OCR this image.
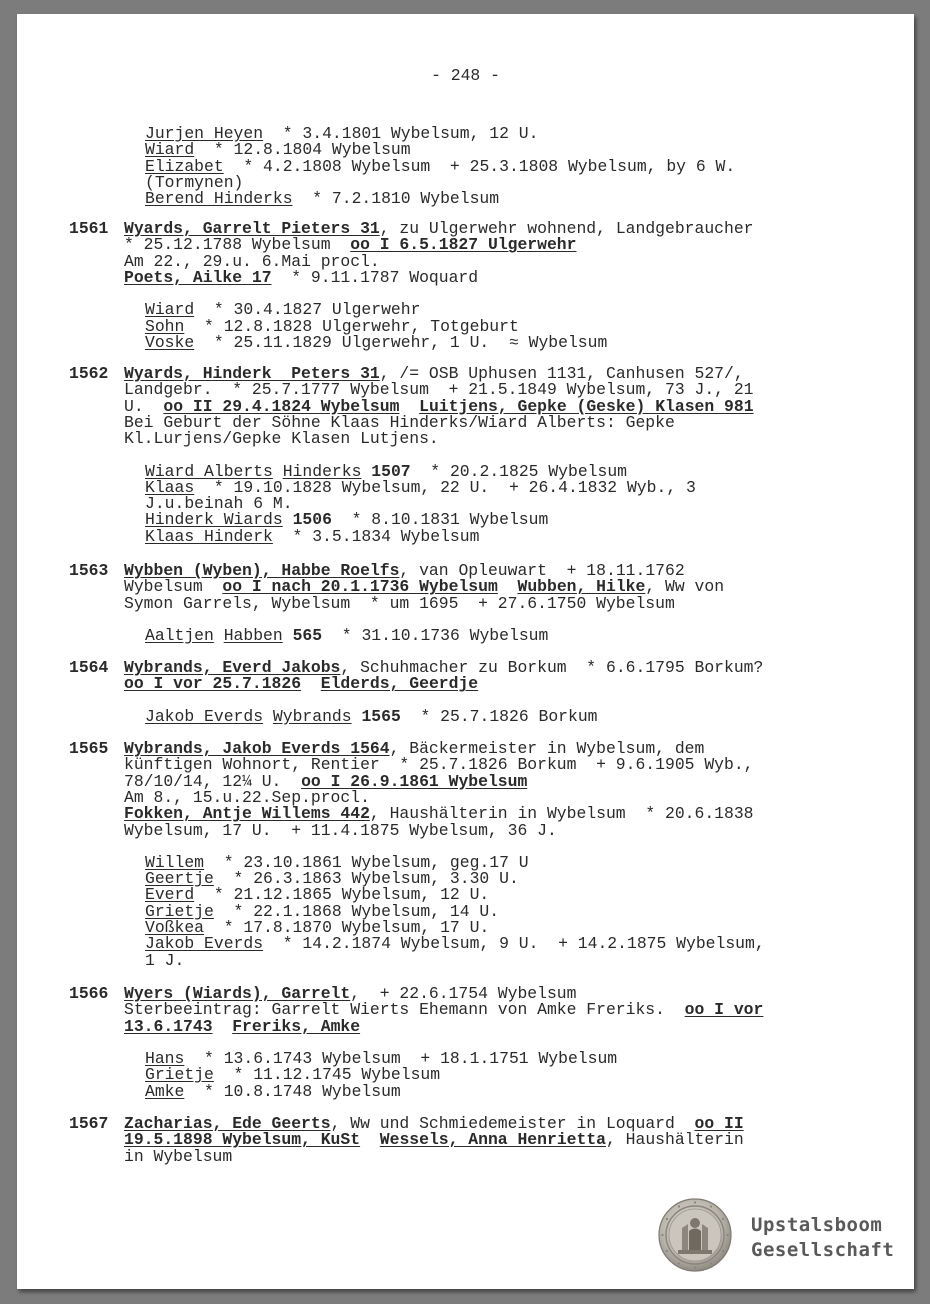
- 248 -
Jurjen Heyen  * 3.4.1801 Wybelsum, 12 U.
Wiard  * 12.8.1804 Wybelsum
Elizabet  * 4.2.1808 Wybelsum  + 25.3.1808 Wybelsum, by 6 W.
(Tormynen)
Berend Hinderks  * 7.2.1810 Wybelsum
1561 Wyards, Garrelt Pieters 31, zu Ulgerwehr wohnend, Landgebraucher
* 25.12.1788 Wybelsum  oo I 6.5.1827 Ulgerwehr
Am 22., 29.u. 6.Mai procl.
Poets, Ailke 17  * 9.11.1787 Woquard
Wiard  * 30.4.1827 Ulgerwehr
Sohn  * 12.8.1828 Ulgerwehr, Totgeburt
Voske  * 25.11.1829 Ulgerwehr, 1 U.  ≈ Wybelsum
1562 Wyards, Hinderk  Peters 31, /= OSB Uphusen 1131, Canhusen 527/,
Landgebr.  * 25.7.1777 Wybelsum  + 21.5.1849 Wybelsum, 73 J., 21
U.  oo II 29.4.1824 Wybelsum Luitjens, Gepke (Geske) Klasen 981
Bei Geburt der Söhne Klaas Hinderks/Wiard Alberts: Gepke
Kl.Lurjens/Gepke Klasen Lutjens.
Wiard Alberts Hinderks 1507  * 20.2.1825 Wybelsum
Klaas  * 19.10.1828 Wybelsum, 22 U.  + 26.4.1832 Wyb., 3
J.u.beinah 6 M.
Hinderk Wiards 1506  * 8.10.1831 Wybelsum
Klaas Hinderk  * 3.5.1834 Wybelsum
1563 Wybben (Wyben), Habbe Roelfs, van Opleuwart  + 18.11.1762
Wybelsum  oo I nach 20.1.1736 Wybelsum Wubben, Hilke, Ww von
Symon Garrels, Wybelsum  * um 1695  + 27.6.1750 Wybelsum
Aaltjen Habben 565  * 31.10.1736 Wybelsum
1564 Wybrands, Everd Jakobs, Schuhmacher zu Borkum  * 6.6.1795 Borkum?
oo I vor 25.7.1826 Elderds, Geerdje
Jakob Everds Wybrands 1565  * 25.7.1826 Borkum
1565 Wybrands, Jakob Everds 1564, Bäckermeister in Wybelsum, dem
künftigen Wohnort, Rentier  * 25.7.1826 Borkum  + 9.6.1905 Wyb.,
78/10/14, 12¼ U.  oo I 26.9.1861 Wybelsum
Am 8., 15.u.22.Sep.procl.
Fokken, Antje Willems 442, Haushälterin in Wybelsum  * 20.6.1838
Wybelsum, 17 U.  + 11.4.1875 Wybelsum, 36 J.
Willem  * 23.10.1861 Wybelsum, geg.17 U
Geertje  * 26.3.1863 Wybelsum, 3.30 U.
Everd  * 21.12.1865 Wybelsum, 12 U.
Grietje  * 22.1.1868 Wybelsum, 14 U.
Voßkea  * 17.8.1870 Wybelsum, 17 U.
Jakob Everds  * 14.2.1874 Wybelsum, 9 U.  + 14.2.1875 Wybelsum,
1 J.
1566 Wyers (Wiards), Garrelt,  + 22.6.1754 Wybelsum
Sterbeeintrag: Garrelt Wierts Ehemann von Amke Freriks.  oo I vor
13.6.1743 Freriks, Amke
Hans  * 13.6.1743 Wybelsum  + 18.1.1751 Wybelsum
Grietje  * 11.12.1745 Wybelsum
Amke  * 10.8.1748 Wybelsum
1567 Zacharias, Ede Geerts, Ww und Schmiedemeister in Loquard  oo II
19.5.1898 Wybelsum, KuSt Wessels, Anna Henrietta, Haushälterin
in Wybelsum
Upstalsboom
Gesellschaft
